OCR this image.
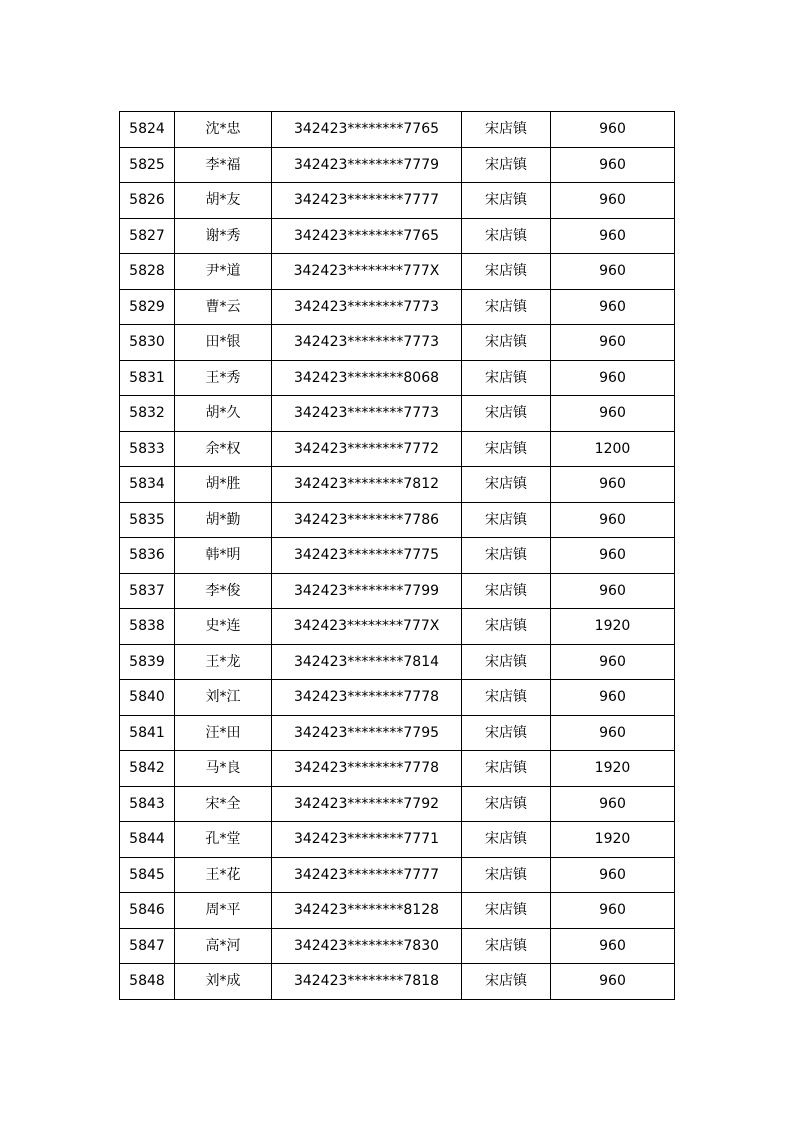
5824	沈*忠	342423********7765	宋店镇	960
5825	李*福	342423********7779	宋店镇	960
5826	胡*友	342423********7777	宋店镇	960
5827	谢*秀	342423********7765	宋店镇	960
5828	尹*道	342423********777X	宋店镇	960
5829	曹*云	342423********7773	宋店镇	960
5830	田*银	342423********7773	宋店镇	960
5831	王*秀	342423********8068	宋店镇	960
5832	胡*久	342423********7773	宋店镇	960
5833	余*权	342423********7772	宋店镇	1200
5834	胡*胜	342423********7812	宋店镇	960
5835	胡*勤	342423********7786	宋店镇	960
5836	韩*明	342423********7775	宋店镇	960
5837	李*俊	342423********7799	宋店镇	960
5838	史*连	342423********777X	宋店镇	1920
5839	王*龙	342423********7814	宋店镇	960
5840	刘*江	342423********7778	宋店镇	960
5841	汪*田	342423********7795	宋店镇	960
5842	马*良	342423********7778	宋店镇	1920
5843	宋*全	342423********7792	宋店镇	960
5844	孔*堂	342423********7771	宋店镇	1920
5845	王*花	342423********7777	宋店镇	960
5846	周*平	342423********8128	宋店镇	960
5847	高*河	342423********7830	宋店镇	960
5848	刘*成	342423********7818	宋店镇	960
